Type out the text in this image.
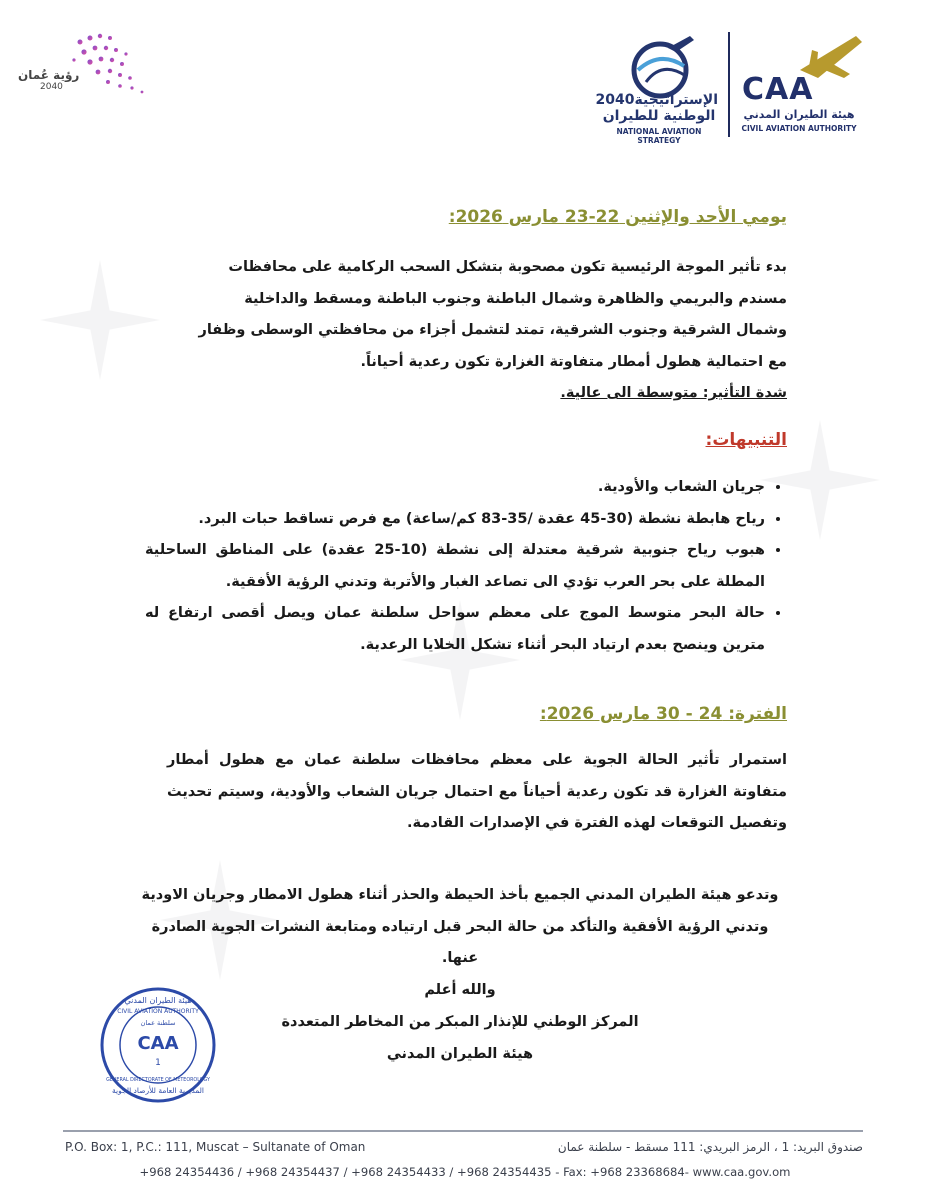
رؤية عُمان
2040
الإستراتيجية2040
الوطنية للطيران
NATIONAL AVIATION STRATEGY
CAA
هيئة الطيران المدني
CIVIL AVIATION AUTHORITY
يومي الأحد والإثنين 22-23 مارس 2026:
بدء تأثير الموجة الرئيسية تكون مصحوبة بتشكل السحب الركامية على محافظات
مسندم والبريمي والظاهرة وشمال الباطنة وجنوب الباطنة ومسقط والداخلية
وشمال الشرقية وجنوب الشرقية، تمتد لتشمل أجزاء من محافظتي الوسطى وظفار
مع احتمالية هطول أمطار متفاوتة الغزارة تكون رعدية أحياناً.
شدة التأثير: متوسطة الى عالية.
التنبيهات:
• جريان الشعاب والأودية.
• رياح هابطة نشطة (30-45 عقدة /35-83 كم/ساعة) مع فرص تساقط حبات البرد.
• هبوب رياح جنوبية شرقية معتدلة إلى نشطة (10-25 عقدة) على المناطق الساحلية المطلة على بحر العرب تؤدي الى تصاعد الغبار والأتربة وتدني الرؤية الأفقية.
• حالة البحر متوسط الموج على معظم سواحل سلطنة عمان ويصل أقصى ارتفاع له مترين وينصح بعدم ارتياد البحر أثناء تشكل الخلايا الرعدية.
الفترة: 24 - 30 مارس 2026:
استمرار تأثير الحالة الجوية على معظم محافظات سلطنة عمان مع هطول أمطار متفاوتة الغزارة قد تكون رعدية أحياناً مع احتمال جريان الشعاب والأودية، وسيتم تحديث وتفصيل التوقعات لهذه الفترة في الإصدارات القادمة.
وتدعو هيئة الطيران المدني الجميع بأخذ الحيطة والحذر أثناء هطول الامطار وجريان الاودية وتدني الرؤية الأفقية والتأكد من حالة البحر قبل ارتياده ومتابعة النشرات الجوية الصادرة عنها.
والله أعلم
المركز الوطني للإنذار المبكر من المخاطر المتعددة
هيئة الطيران المدني
هيئة الطيران المدني
CIVIL AVIATION AUTHORITY
سلطنة عمان
CAA
1
GENERAL DIRECTORATE OF METEOROLOGY
المديرية العامة للأرصاد الجوية
P.O. Box: 1, P.C.: 111, Muscat – Sultanate of Oman	صندوق البريد: 1 ، الرمز البريدي: 111 مسقط - سلطنة عمان
+968 24354436 / +968 24354437 / +968 24354433 / +968 24354435 - Fax: +968 23368684- www.caa.gov.om
